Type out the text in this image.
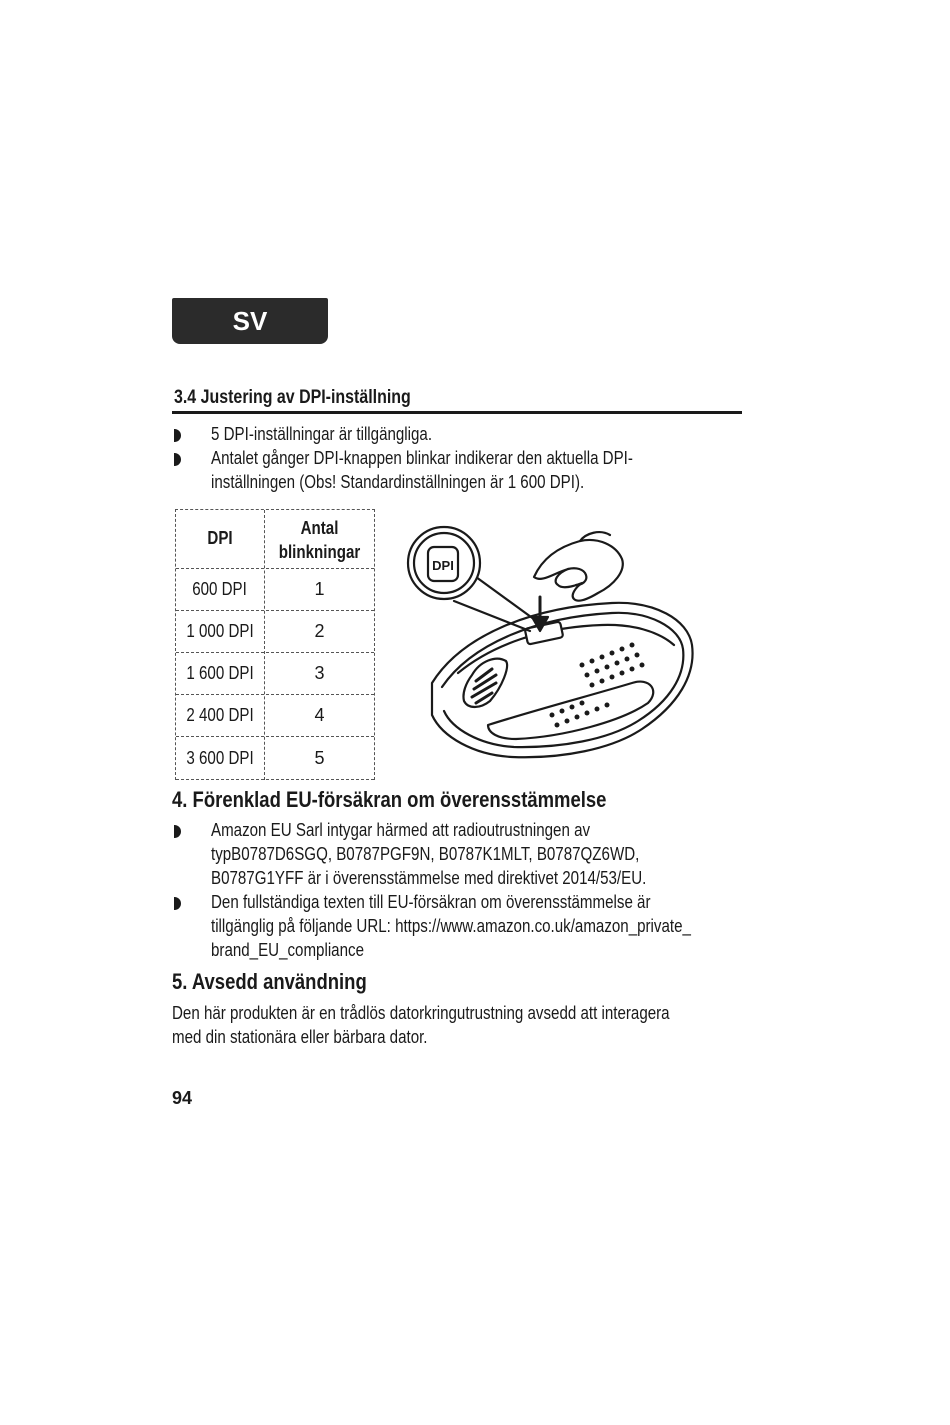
SV
3.4 Justering av DPI-inställning
5 DPI-inställningar är tillgängliga.
Antalet gånger DPI-knappen blinkar indikerar den aktuella DPI-
inställningen (Obs! Standardinställningen är 1 600 DPI).
DPI	Antal
blinkningar
600 DPI	1
1 000 DPI	2
1 600 DPI	3
2 400 DPI	4
3 600 DPI	5
DPI
4. Förenklad EU-försäkran om överensstämmelse
Amazon EU Sarl intygar härmed att radioutrustningen av
typB0787D6SGQ, B0787PGF9N, B0787K1MLT, B0787QZ6WD,
B0787G1YFF är i överensstämmelse med direktivet 2014/53/EU.
Den fullständiga texten till EU-försäkran om överensstämmelse är
tillgänglig på följande URL: https://www.amazon.co.uk/amazon_private_
brand_EU_compliance
5. Avsedd användning
Den här produkten är en trådlös datorkringutrustning avsedd att interagera
med din stationära eller bärbara dator.
94
